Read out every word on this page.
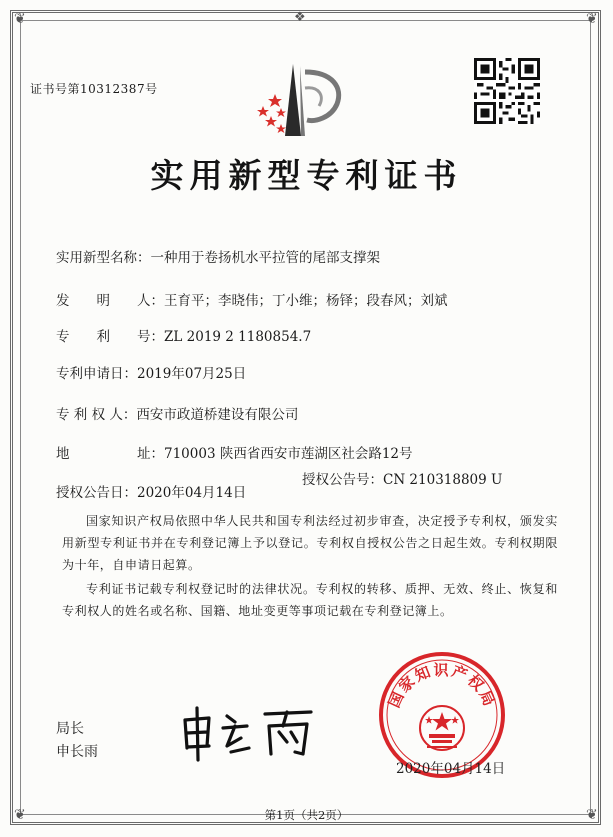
❦	❦
❦	❦
❖
证书号第10312387号
实用新型专利证书
实用新型名称：一种用于卷扬机水平拉管的尾部支撑架
发　　明　　人：王育平；李晓伟；丁小维；杨铎；段春风；刘斌
专　　利　　号：ZL 2019 2 1180854.7
专利申请日：2019年07月25日
专 利 权 人：西安市政道桥建设有限公司
地　　　　　址：710003 陕西省西安市莲湖区社会路12号
授权公告日：2020年04月14日
授权公告号：CN 210318809 U
国家知识产权局依照中华人民共和国专利法经过初步审查，决定授予专利权，颁发实用新型专利证书并在专利登记簿上予以登记。专利权自授权公告之日起生效。专利权期限为十年，自申请日起算。
专利证书记载专利权登记时的法律状况。专利权的转移、质押、无效、终止、恢复和专利权人的姓名或名称、国籍、地址变更等事项记载在专利登记簿上。
局长
申长雨
国家知识产权局
2020年04月14日
第1页（共2页）
